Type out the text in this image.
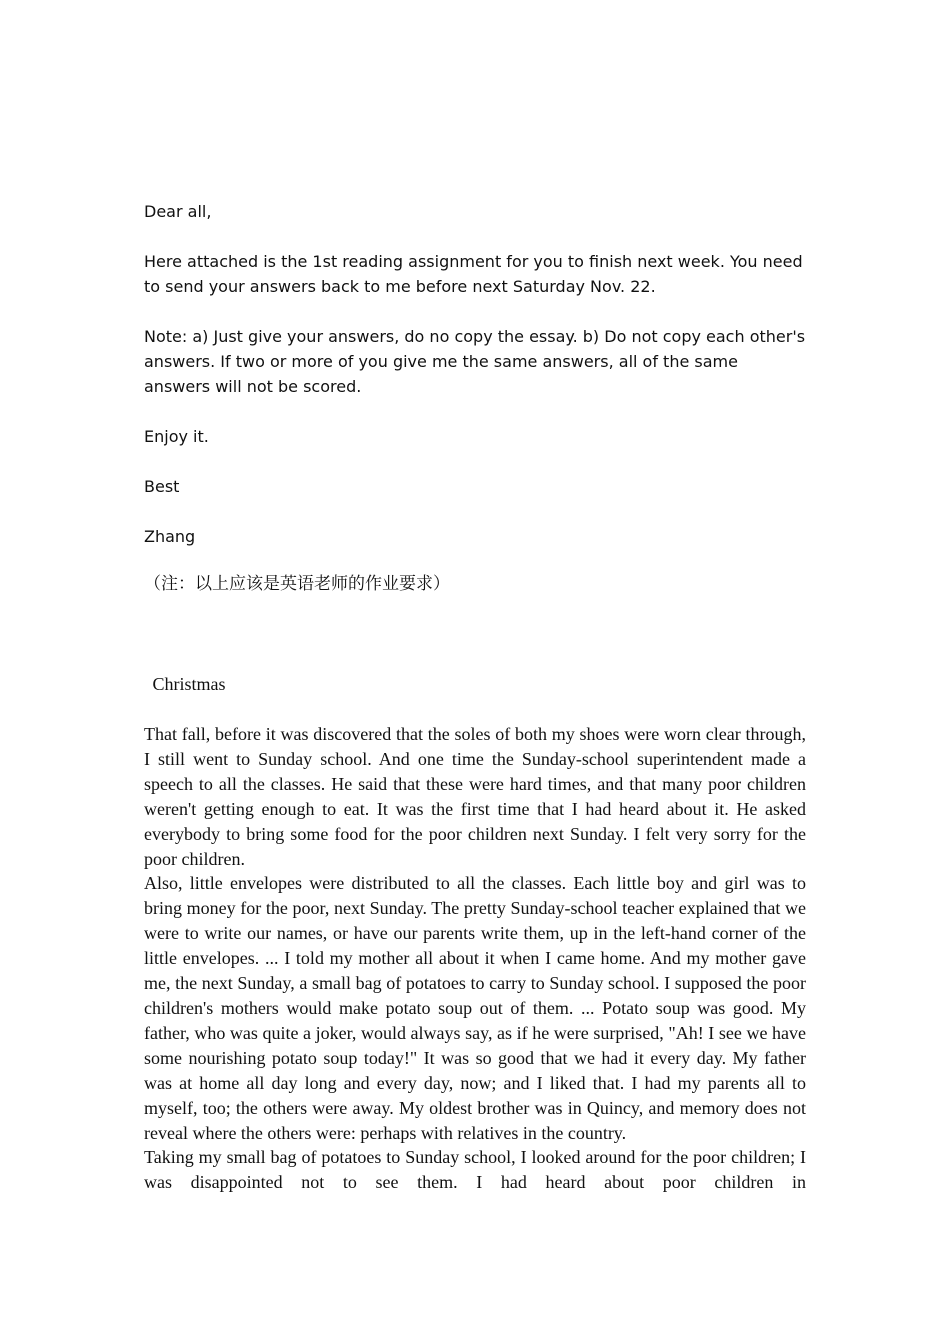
Dear all,

Here attached is the 1st reading assignment for you to finish next week. You need to send your answers back to me before next Saturday Nov. 22.

Note: a) Just give your answers, do no copy the essay. b) Do not copy each other's answers. If two or more of you give me the same answers, all of the same answers will not be scored.

Enjoy it.

Best

Zhang

（注：以上应该是英语老师的作业要求）
Christmas

That fall, before it was discovered that the soles of both my shoes were worn clear through, I still went to Sunday school. And one time the Sunday-school superintendent made a speech to all the classes. He said that these were hard times, and that many poor children weren't getting enough to eat. It was the first time that I had heard about it. He asked everybody to bring some food for the poor children next Sunday. I felt very sorry for the poor children.

Also, little envelopes were distributed to all the classes. Each little boy and girl was to bring money for the poor, next Sunday. The pretty Sunday-school teacher explained that we were to write our names, or have our parents write them, up in the left-hand corner of the little envelopes. ... I told my mother all about it when I came home. And my mother gave me, the next Sunday, a small bag of potatoes to carry to Sunday school. I supposed the poor children's mothers would make potato soup out of them. ... Potato soup was good. My father, who was quite a joker, would always say, as if he were surprised, "Ah! I see we have some nourishing potato soup today!" It was so good that we had it every day. My father was at home all day long and every day, now; and I liked that. I had my parents all to myself, too; the others were away. My oldest brother was in Quincy, and memory does not reveal where the others were: perhaps with relatives in the country.

Taking my small bag of potatoes to Sunday school, I looked around for the poor children; I was disappointed not to see them. I had heard about poor children in
